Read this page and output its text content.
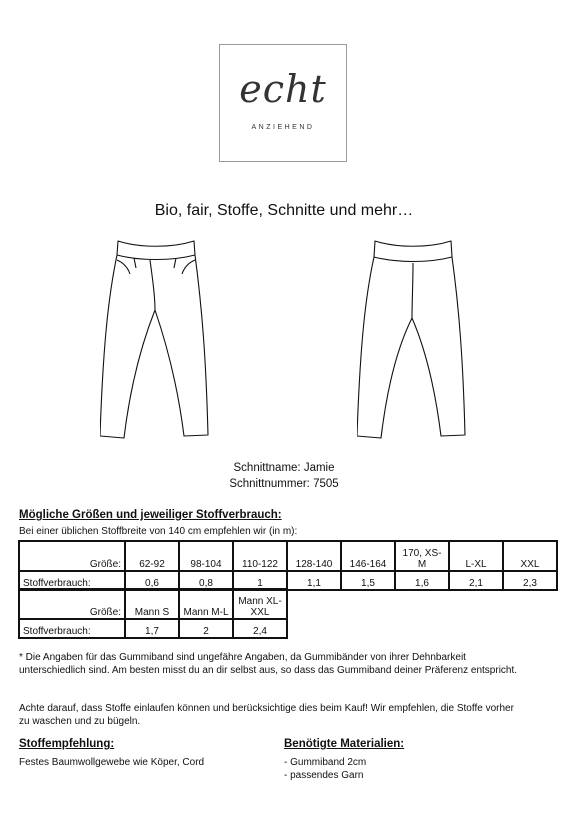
echt
ANZIEHEND
Bio, fair, Stoffe, Schnitte und mehr…
Schnittname: Jamie
Schnittnummer: 7505
Mögliche Größen und jeweiliger Stoffverbrauch:
Bei einer üblichen Stoffbreite von 140 cm empfehlen wir (in m):
Größe:	62-92	98-104	110-122	128-140	146-164	170, XS-M	L-XL	XXL
Stoffverbrauch:	0,6	0,8	1	1,1	1,5	1,6	2,1	2,3
Größe:	Mann S	Mann M-L	Mann XL-XXL
Stoffverbrauch:	1,7	2	2,4
* Die Angaben für das Gummiband sind ungefähre Angaben, da Gummibänder von ihrer Dehnbarkeit unterschiedlich sind. Am besten misst du an dir selbst aus, so dass das Gummiband deiner Präferenz entspricht.
Achte darauf, dass Stoffe einlaufen können und berücksichtige dies beim Kauf! Wir empfehlen, die Stoffe vorher zu waschen und zu bügeln.
Stoffempfehlung:
Festes Baumwollgewebe wie Köper, Cord
Benötigte Materialien:
- Gummiband 2cm
- passendes Garn
